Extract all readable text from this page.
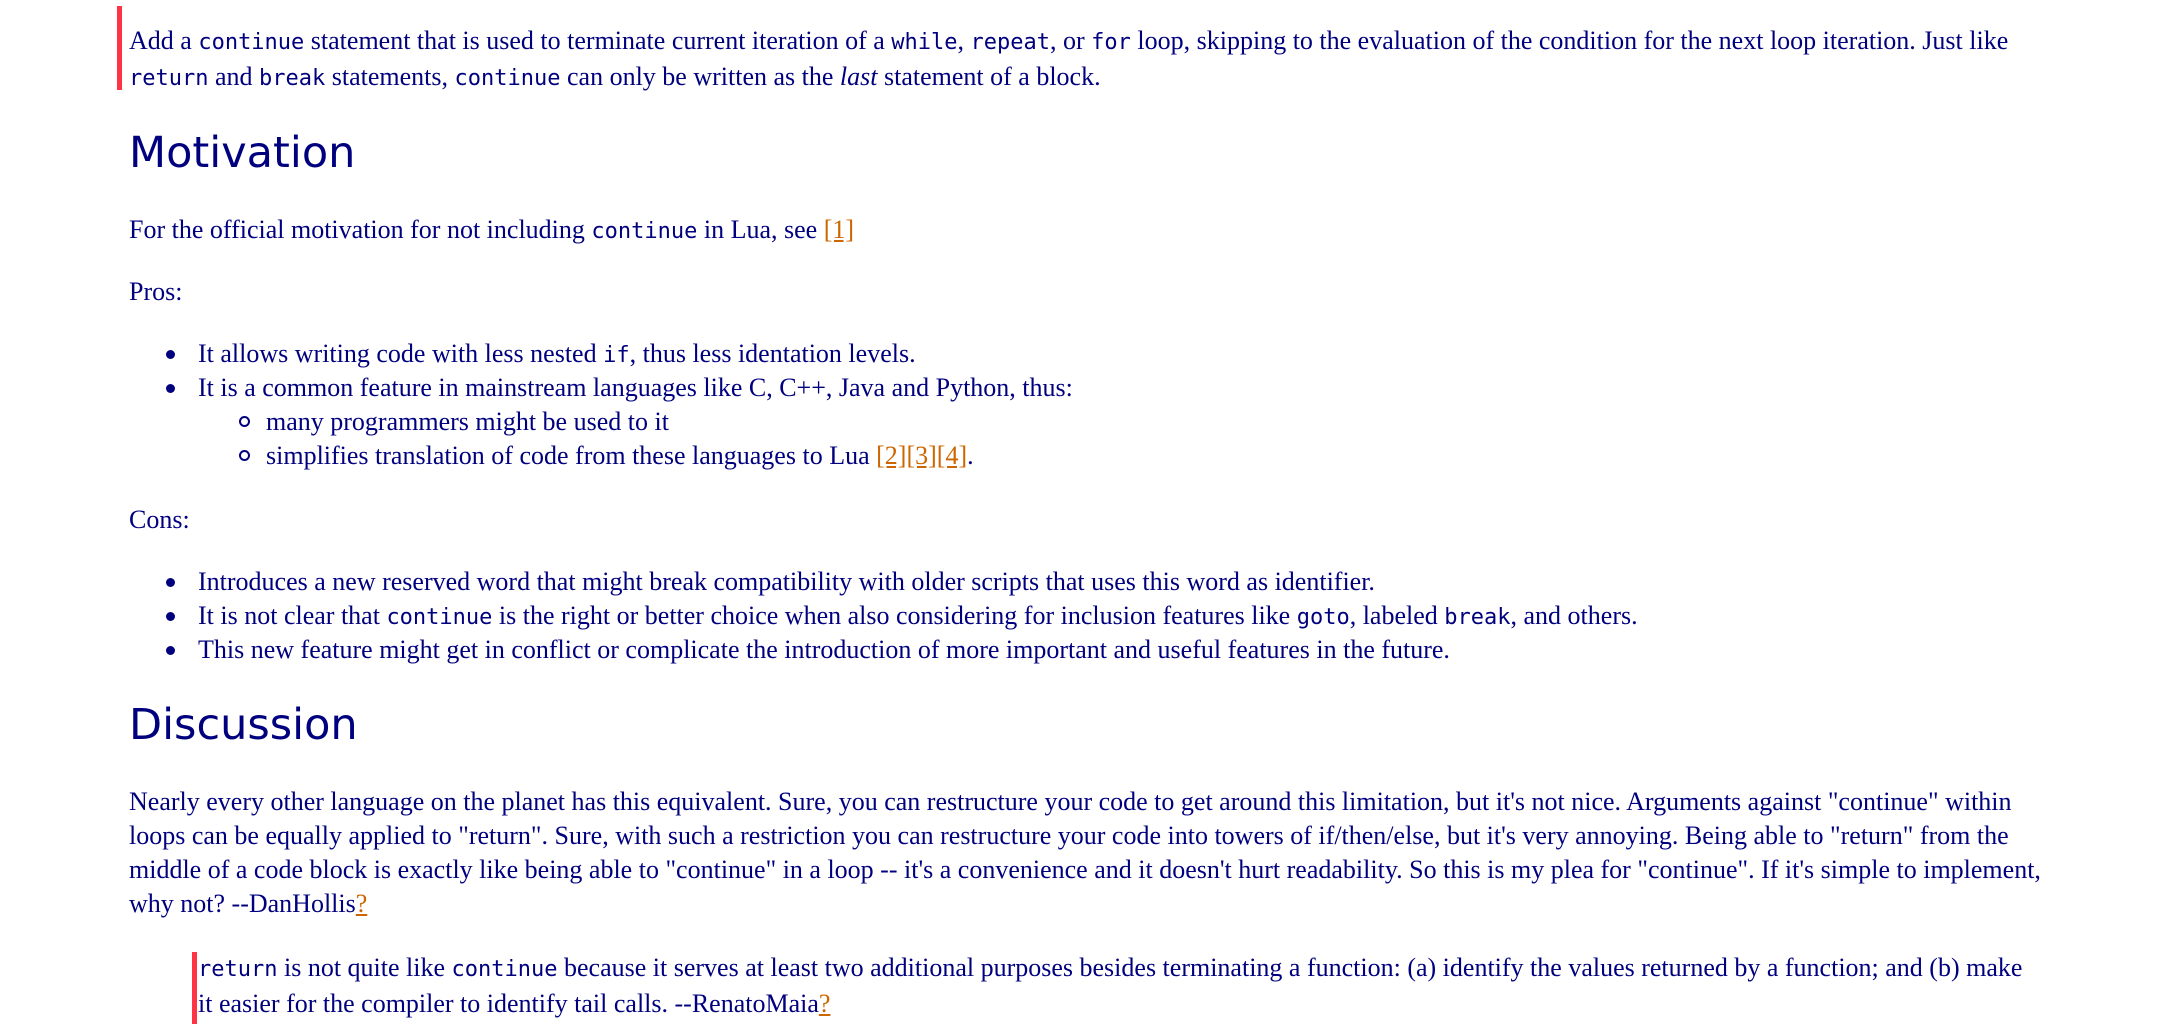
Add a continue statement that is used to terminate current iteration of a while, repeat, or for loop, skipping to the evaluation of the condition for the next loop iteration. Just like return and break statements, continue can only be written as the last statement of a block.

Motivation

For the official motivation for not including continue in Lua, see [1]

Pros:

It allows writing code with less nested if, thus less identation levels.
It is a common feature in mainstream languages like C, C++, Java and Python, thus:
many programmers might be used to it
simplifies translation of code from these languages to Lua [2][3][4].

Cons:

Introduces a new reserved word that might break compatibility with older scripts that uses this word as identifier.
It is not clear that continue is the right or better choice when also considering for inclusion features like goto, labeled break, and others.
This new feature might get in conflict or complicate the introduction of more important and useful features in the future.
Discussion

Nearly every other language on the planet has this equivalent. Sure, you can restructure your code to get around this limitation, but it's not nice. Arguments against "continue" within loops can be equally applied to "return". Sure, with such a restriction you can restructure your code into towers of if/then/else, but it's very annoying. Being able to "return" from the middle of a code block is exactly like being able to "continue" in a loop -- it's a convenience and it doesn't hurt readability. So this is my plea for "continue". If it's simple to implement, why not? --DanHollis?

return is not quite like continue because it serves at least two additional purposes besides terminating a function: (a) identify the values returned by a function; and (b) make it easier for the compiler to identify tail calls. --RenatoMaia?
